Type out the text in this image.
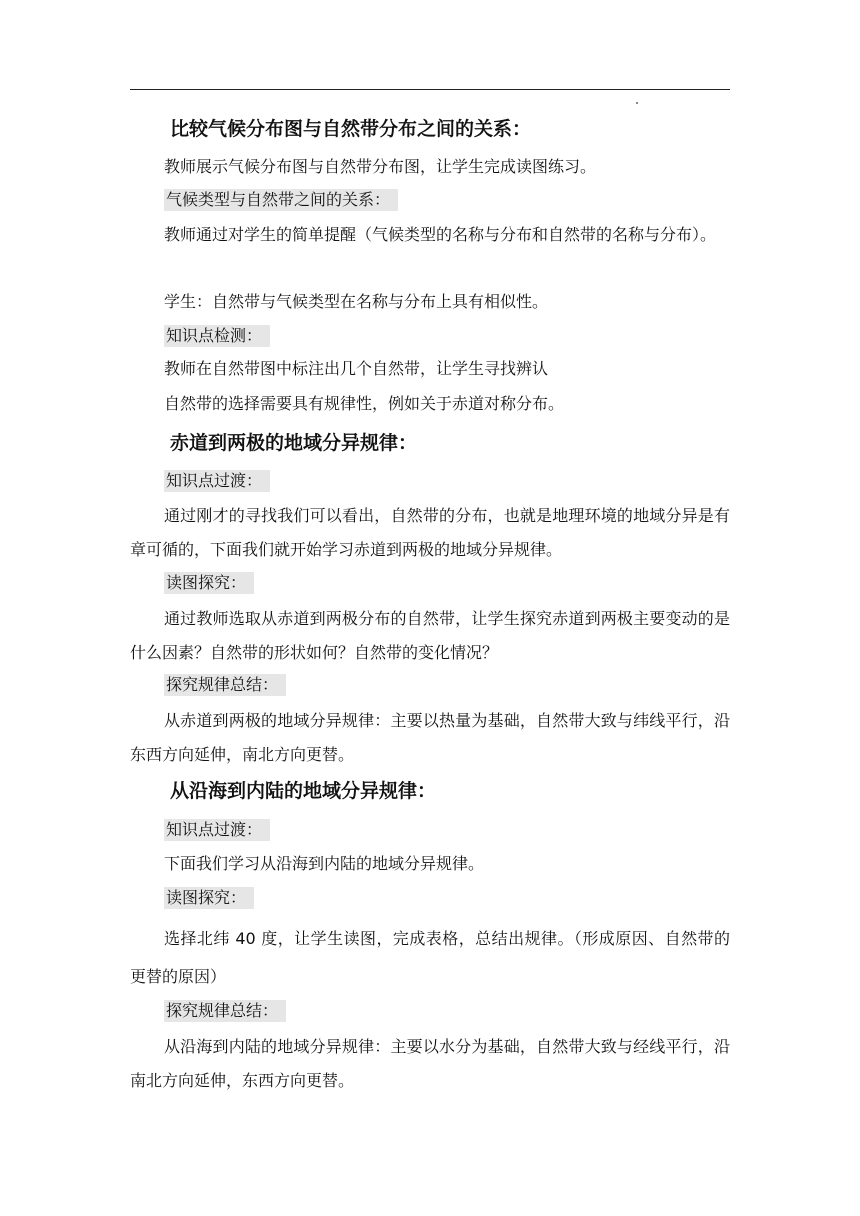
比较气候分布图与自然带分布之间的关系：
教师展示气候分布图与自然带分布图，让学生完成读图练习。
气候类型与自然带之间的关系：
教师通过对学生的简单提醒（气候类型的名称与分布和自然带的名称与分布）。
学生：自然带与气候类型在名称与分布上具有相似性。
知识点检测：
教师在自然带图中标注出几个自然带，让学生寻找辨认
自然带的选择需要具有规律性，例如关于赤道对称分布。
赤道到两极的地域分异规律：
知识点过渡：
通过刚才的寻找我们可以看出，自然带的分布，也就是地理环境的地域分异是有章可循的，下面我们就开始学习赤道到两极的地域分异规律。
读图探究：
通过教师选取从赤道到两极分布的自然带，让学生探究赤道到两极主要变动的是什么因素？自然带的形状如何？自然带的变化情况？
探究规律总结：
从赤道到两极的地域分异规律：主要以热量为基础，自然带大致与纬线平行，沿东西方向延伸，南北方向更替。
从沿海到内陆的地域分异规律：
知识点过渡：
下面我们学习从沿海到内陆的地域分异规律。
读图探究：
选择北纬 40 度，让学生读图，完成表格，总结出规律。（形成原因、自然带的更替的原因）
探究规律总结：
从沿海到内陆的地域分异规律：主要以水分为基础，自然带大致与经线平行，沿南北方向延伸，东西方向更替。
